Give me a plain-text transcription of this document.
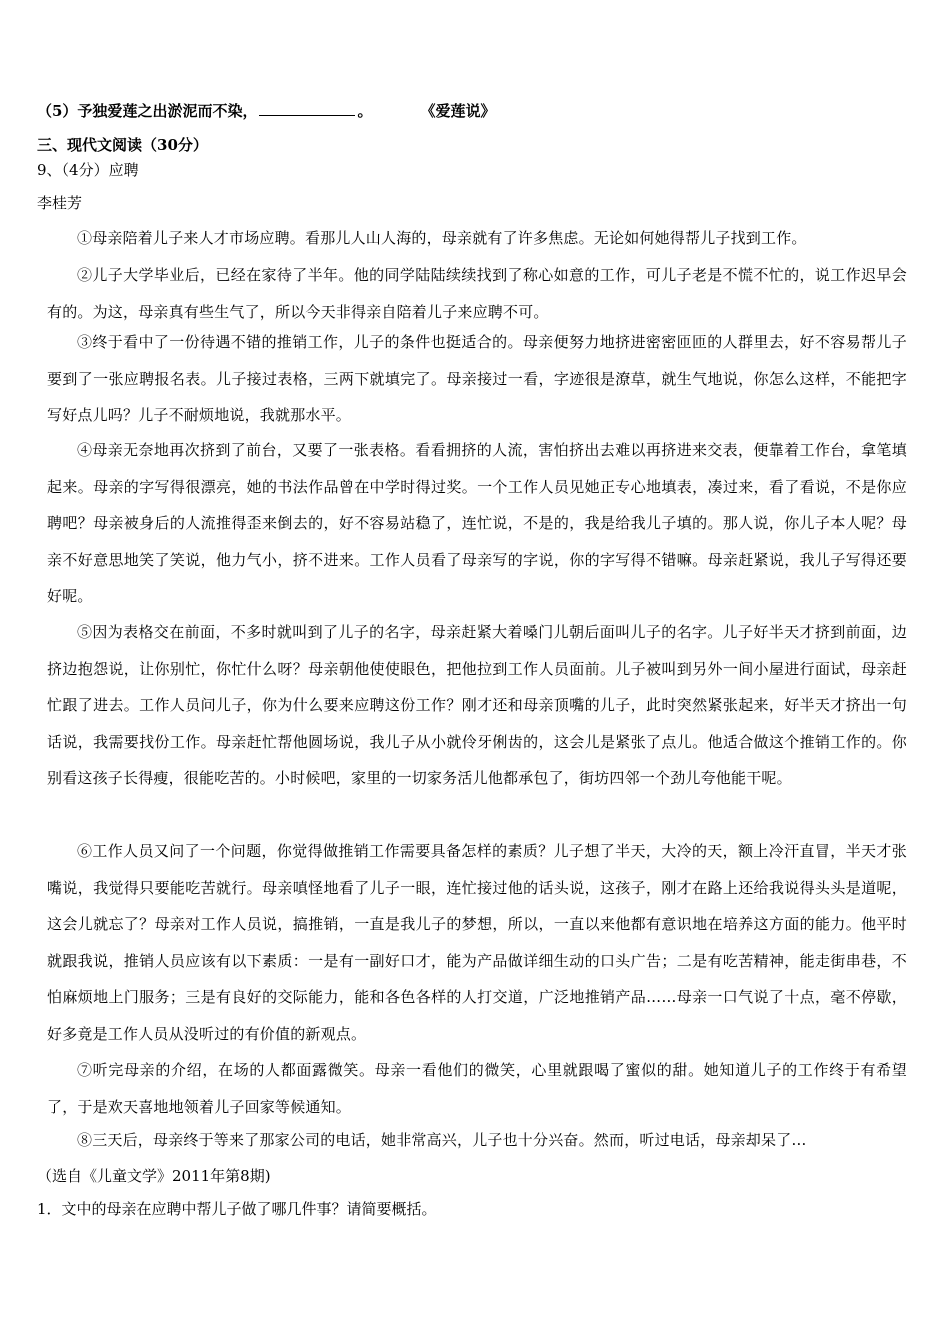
（5）予独爱莲之出淤泥而不染，	。	《爱莲说》
三、现代文阅读（30分）
9、（4分）应聘
李桂芳
①母亲陪着儿子来人才市场应聘。看那儿人山人海的，母亲就有了许多焦虑。无论如何她得帮儿子找到工作。
②儿子大学毕业后，已经在家待了半年。他的同学陆陆续续找到了称心如意的工作，可儿子老是不慌不忙的，说工作迟早会有的。为这，母亲真有些生气了，所以今天非得亲自陪着儿子来应聘不可。
③终于看中了一份待遇不错的推销工作，儿子的条件也挺适合的。母亲便努力地挤进密密匝匝的人群里去，好不容易帮儿子要到了一张应聘报名表。儿子接过表格，三两下就填完了。母亲接过一看，字迹很是潦草，就生气地说，你怎么这样，不能把字写好点儿吗？儿子不耐烦地说，我就那水平。
④母亲无奈地再次挤到了前台，又要了一张表格。看看拥挤的人流，害怕挤出去难以再挤进来交表，便靠着工作台，拿笔填起来。母亲的字写得很漂亮，她的书法作品曾在中学时得过奖。一个工作人员见她正专心地填表，凑过来，看了看说，不是你应聘吧？母亲被身后的人流推得歪来倒去的，好不容易站稳了，连忙说，不是的，我是给我儿子填的。那人说，你儿子本人呢？母亲不好意思地笑了笑说，他力气小，挤不进来。工作人员看了母亲写的字说，你的字写得不错嘛。母亲赶紧说，我儿子写得还要好呢。
⑤因为表格交在前面，不多时就叫到了儿子的名字，母亲赶紧大着嗓门儿朝后面叫儿子的名字。儿子好半天才挤到前面，边挤边抱怨说，让你别忙，你忙什么呀？母亲朝他使使眼色，把他拉到工作人员面前。儿子被叫到另外一间小屋进行面试，母亲赶忙跟了进去。工作人员问儿子，你为什么要来应聘这份工作？刚才还和母亲顶嘴的儿子，此时突然紧张起来，好半天才挤出一句话说，我需要找份工作。母亲赶忙帮他圆场说，我儿子从小就伶牙俐齿的，这会儿是紧张了点儿。他适合做这个推销工作的。你别看这孩子长得瘦，很能吃苦的。小时候吧，家里的一切家务活儿他都承包了，街坊四邻一个劲儿夸他能干呢。
⑥工作人员又问了一个问题，你觉得做推销工作需要具备怎样的素质？儿子想了半天，大冷的天，额上冷汗直冒，半天才张嘴说，我觉得只要能吃苦就行。母亲嗔怪地看了儿子一眼，连忙接过他的话头说，这孩子，刚才在路上还给我说得头头是道呢，这会儿就忘了？母亲对工作人员说，搞推销，一直是我儿子的梦想，所以，一直以来他都有意识地在培养这方面的能力。他平时就跟我说，推销人员应该有以下素质：一是有一副好口才，能为产品做详细生动的口头广告；二是有吃苦精神，能走街串巷，不怕麻烦地上门服务；三是有良好的交际能力，能和各色各样的人打交道，广泛地推销产品……母亲一口气说了十点，毫不停歇，好多竟是工作人员从没听过的有价值的新观点。
⑦听完母亲的介绍，在场的人都面露微笑。母亲一看他们的微笑，心里就跟喝了蜜似的甜。她知道儿子的工作终于有希望了，于是欢天喜地地领着儿子回家等候通知。
⑧三天后，母亲终于等来了那家公司的电话，她非常高兴，儿子也十分兴奋。然而，听过电话，母亲却呆了…
（选自《儿童文学》2011年第8期)
1．文中的母亲在应聘中帮儿子做了哪几件事？请简要概括。
